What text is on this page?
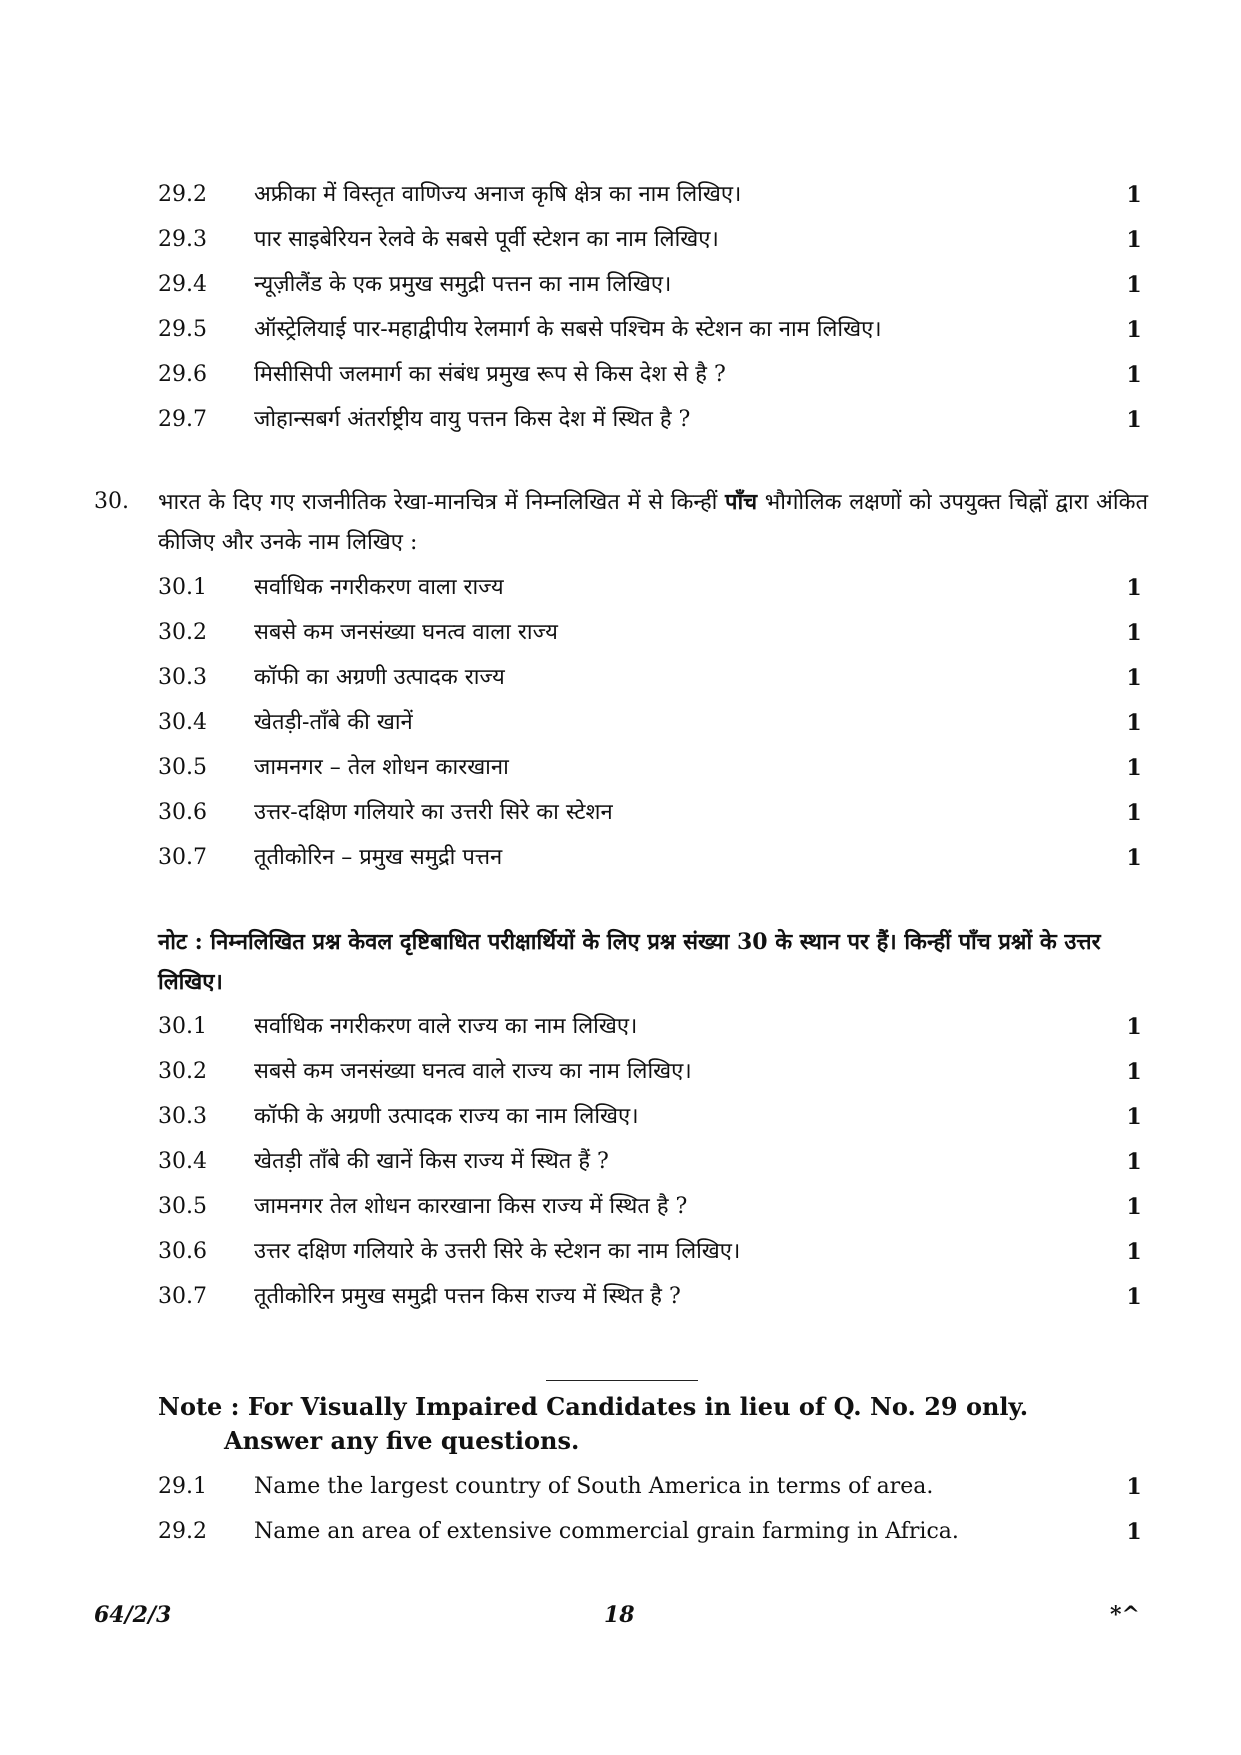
29.2 अफ्रीका में विस्तृत वाणिज्य अनाज कृषि क्षेत्र का नाम लिखिए।	1
29.3 पार साइबेरियन रेलवे के सबसे पूर्वी स्टेशन का नाम लिखिए।	1
29.4 न्यूज़ीलैंड के एक प्रमुख समुद्री पत्तन का नाम लिखिए।	1
29.5 ऑस्ट्रेलियाई पार-महाद्वीपीय रेलमार्ग के सबसे पश्चिम के स्टेशन का नाम लिखिए।	1
29.6 मिसीसिपी जलमार्ग का संबंध प्रमुख रूप से किस देश से है ?	1
29.7 जोहान्सबर्ग अंतर्राष्ट्रीय वायु पत्तन किस देश में स्थित है ?	1
30. भारत के दिए गए राजनीतिक रेखा-मानचित्र में निम्नलिखित में से किन्हीं पाँच भौगोलिक लक्षणों को उपयुक्त चिह्नों द्वारा अंकित कीजिए और उनके नाम लिखिए :
30.1 सर्वाधिक नगरीकरण वाला राज्य	1
30.2 सबसे कम जनसंख्या घनत्व वाला राज्य	1
30.3 कॉफी का अग्रणी उत्पादक राज्य	1
30.4 खेतड़ी-ताँबे की खानें	1
30.5 जामनगर – तेल शोधन कारखाना	1
30.6 उत्तर-दक्षिण गलियारे का उत्तरी सिरे का स्टेशन	1
30.7 तूतीकोरिन – प्रमुख समुद्री पत्तन	1
नोट : निम्नलिखित प्रश्न केवल दृष्टिबाधित परीक्षार्थियों के लिए प्रश्न संख्या 30 के स्थान पर हैं। किन्हीं पाँच प्रश्नों के उत्तर लिखिए।
30.1 सर्वाधिक नगरीकरण वाले राज्य का नाम लिखिए।	1
30.2 सबसे कम जनसंख्या घनत्व वाले राज्य का नाम लिखिए।	1
30.3 कॉफी के अग्रणी उत्पादक राज्य का नाम लिखिए।	1
30.4 खेतड़ी ताँबे की खानें किस राज्य में स्थित हैं ?	1
30.5 जामनगर तेल शोधन कारखाना किस राज्य में स्थित है ?	1
30.6 उत्तर दक्षिण गलियारे के उत्तरी सिरे के स्टेशन का नाम लिखिए।	1
30.7 तूतीकोरिन प्रमुख समुद्री पत्तन किस राज्य में स्थित है ?	1
Note : For Visually Impaired Candidates in lieu of Q. No. 29 only.
Answer any five questions.
29.1 Name the largest country of South America in terms of area.	1
29.2 Name an area of extensive commercial grain farming in Africa.	1
64/2/3	18	*^
